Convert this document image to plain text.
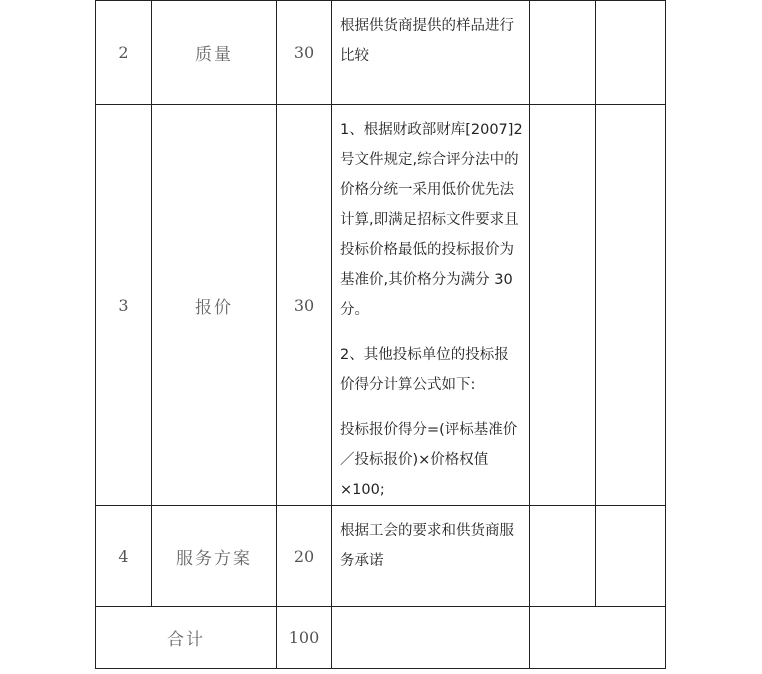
2	质量	30	根据供货商提供的样品进行比较		

3	报价	30	1、根据财政部财库[2007]2号文件规定,综合评分法中的价格分统一采用低价优先法计算,即满足招标文件要求且投标价格最低的投标报价为基准价,其价格分为满分 30 分。

2、其他投标单位的投标报价得分计算公式如下:

投标报价得分=(评标基准价／投标报价)×价格权值×100;		

4	服务方案	20	根据工会的要求和供货商服务承诺		

合计		100			
